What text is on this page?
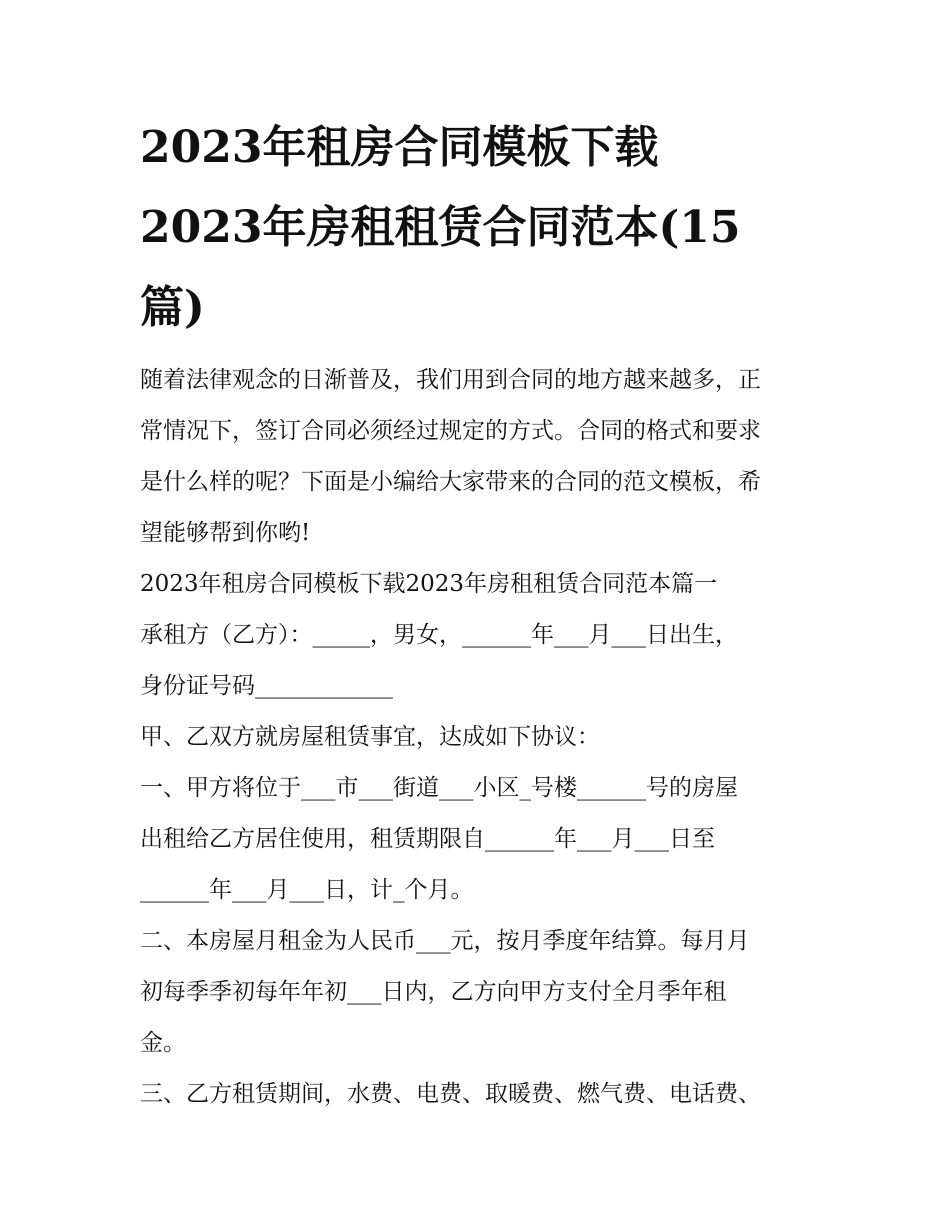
2023年租房合同模板下载
2023年房租租赁合同范本(15
篇)

随着法律观念的日渐普及，我们用到合同的地方越来越多，正
常情况下，签订合同必须经过规定的方式。合同的格式和要求
是什么样的呢？下面是小编给大家带来的合同的范文模板，希
望能够帮到你哟!

2023年租房合同模板下载2023年房租租赁合同范本篇一

承租方（乙方）：_____，男女，______年___月___日出生，
身份证号码____________

甲、乙双方就房屋租赁事宜，达成如下协议：

一、甲方将位于___市___街道___小区_号楼______号的房屋
出租给乙方居住使用，租赁期限自______年___月___日至
______年___月___日，计_个月。

二、本房屋月租金为人民币___元，按月季度年结算。每月月
初每季季初每年年初___日内，乙方向甲方支付全月季年租
金。

三、乙方租赁期间，水费、电费、取暖费、燃气费、电话费、
